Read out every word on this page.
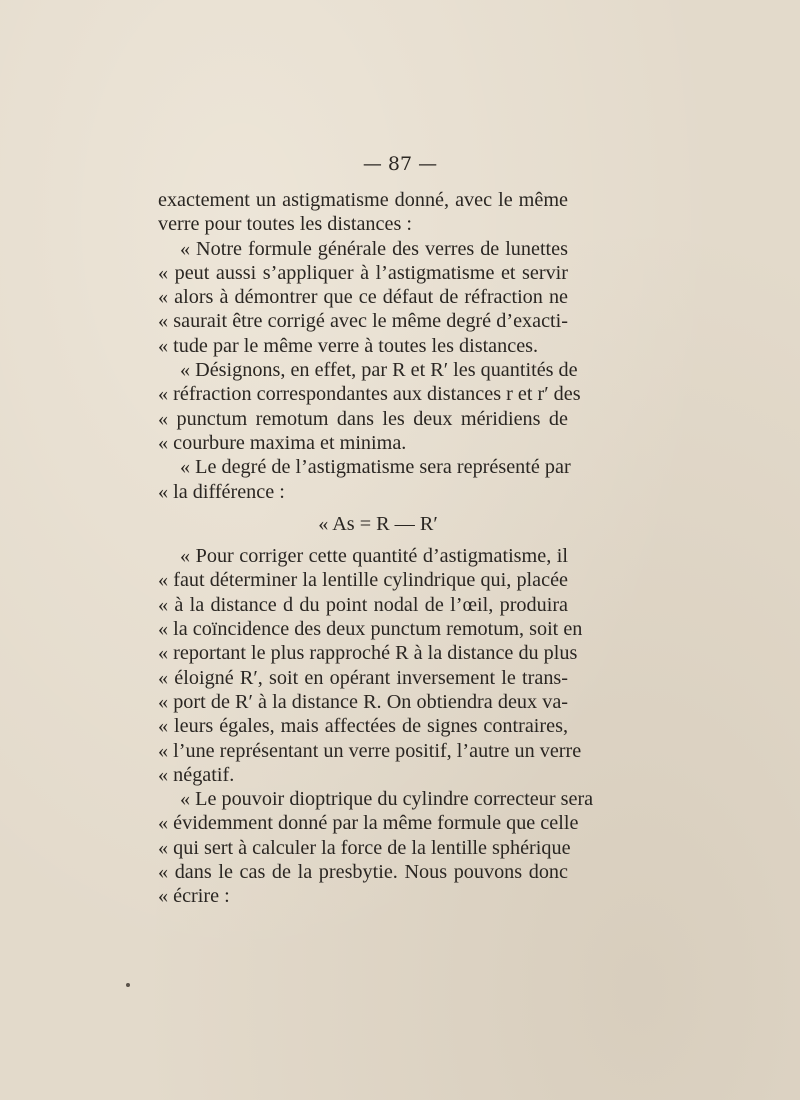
— 87 —
exactement un astigmatisme donné, avec le même
verre pour toutes les distances :
« Notre formule générale des verres de lunettes
« peut aussi s’appliquer à l’astigmatisme et servir
« alors à démontrer que ce défaut de réfraction ne
« saurait être corrigé avec le même degré d’exacti-
« tude par le même verre à toutes les distances.
« Désignons, en effet, par R et R′ les quantités de
« réfraction correspondantes aux distances r et r′ des
« punctum remotum dans les deux méridiens de
« courbure maxima et minima.
« Le degré de l’astigmatisme sera représenté par
« la différence :
« As = R — R′
« Pour corriger cette quantité d’astigmatisme, il
« faut déterminer la lentille cylindrique qui, placée
« à la distance d du point nodal de l’œil, produira
« la coïncidence des deux punctum remotum, soit en
« reportant le plus rapproché R à la distance du plus
« éloigné R′, soit en opérant inversement le trans-
« port de R′ à la distance R. On obtiendra deux va-
« leurs égales, mais affectées de signes contraires,
« l’une représentant un verre positif, l’autre un verre
« négatif.
« Le pouvoir dioptrique du cylindre correcteur sera
« évidemment donné par la même formule que celle
« qui sert à calculer la force de la lentille sphérique
« dans le cas de la presbytie. Nous pouvons donc
« écrire :
